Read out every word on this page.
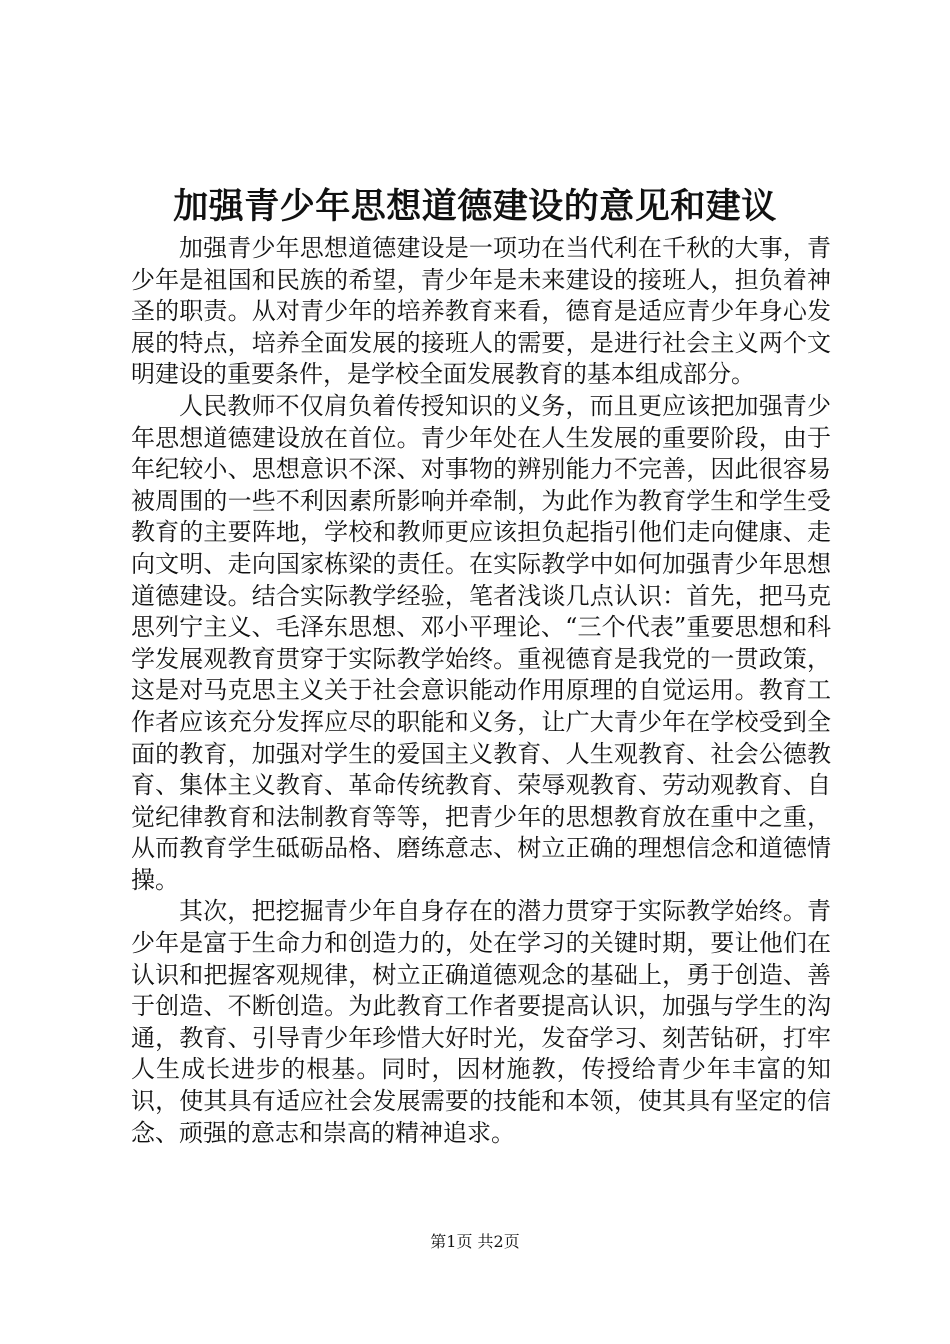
加强青少年思想道德建设的意见和建议

加强青少年思想道德建设是一项功在当代利在千秋的大事，青少年是祖国和民族的希望，青少年是未来建设的接班人，担负着神圣的职责。从对青少年的培养教育来看，德育是适应青少年身心发展的特点，培养全面发展的接班人的需要，是进行社会主义两个文明建设的重要条件，是学校全面发展教育的基本组成部分。

人民教师不仅肩负着传授知识的义务，而且更应该把加强青少年思想道德建设放在首位。青少年处在人生发展的重要阶段，由于年纪较小、思想意识不深、对事物的辨别能力不完善，因此很容易被周围的一些不利因素所影响并牵制，为此作为教育学生和学生受教育的主要阵地，学校和教师更应该担负起指引他们走向健康、走向文明、走向国家栋梁的责任。在实际教学中如何加强青少年思想道德建设。结合实际教学经验，笔者浅谈几点认识：首先，把马克思列宁主义、毛泽东思想、邓小平理论、“三个代表”重要思想和科学发展观教育贯穿于实际教学始终。重视德育是我党的一贯政策，这是对马克思主义关于社会意识能动作用原理的自觉运用。教育工作者应该充分发挥应尽的职能和义务，让广大青少年在学校受到全面的教育，加强对学生的爱国主义教育、人生观教育、社会公德教育、集体主义教育、革命传统教育、荣辱观教育、劳动观教育、自觉纪律教育和法制教育等等，把青少年的思想教育放在重中之重，从而教育学生砥砺品格、磨练意志、树立正确的理想信念和道德情操。

其次，把挖掘青少年自身存在的潜力贯穿于实际教学始终。青少年是富于生命力和创造力的，处在学习的关键时期，要让他们在认识和把握客观规律，树立正确道德观念的基础上，勇于创造、善于创造、不断创造。为此教育工作者要提高认识，加强与学生的沟通，教育、引导青少年珍惜大好时光，发奋学习、刻苦钻研，打牢人生成长进步的根基。同时，因材施教，传授给青少年丰富的知识，使其具有适应社会发展需要的技能和本领，使其具有坚定的信念、顽强的意志和崇高的精神追求。

第1页 共2页
